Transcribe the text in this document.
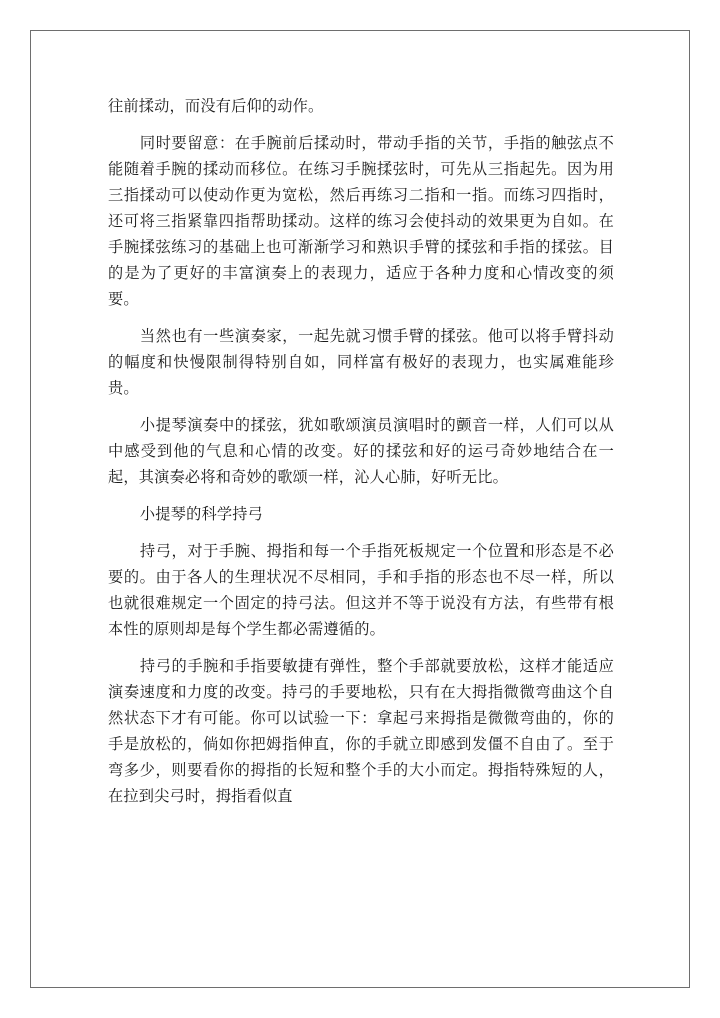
往前揉动，而没有后仰的动作。

同时要留意：在手腕前后揉动时，带动手指的关节，手指的触弦点不能随着手腕的揉动而移位。在练习手腕揉弦时，可先从三指起先。因为用三指揉动可以使动作更为宽松，然后再练习二指和一指。而练习四指时，还可将三指紧靠四指帮助揉动。这样的练习会使抖动的效果更为自如。在手腕揉弦练习的基础上也可渐渐学习和熟识手臂的揉弦和手指的揉弦。目的是为了更好的丰富演奏上的表现力，适应于各种力度和心情改变的须要。

当然也有一些演奏家，一起先就习惯手臂的揉弦。他可以将手臂抖动的幅度和快慢限制得特别自如，同样富有极好的表现力，也实属难能珍贵。

小提琴演奏中的揉弦，犹如歌颂演员演唱时的颤音一样，人们可以从中感受到他的气息和心情的改变。好的揉弦和好的运弓奇妙地结合在一起，其演奏必将和奇妙的歌颂一样，沁人心肺，好听无比。

小提琴的科学持弓

持弓，对于手腕、拇指和每一个手指死板规定一个位置和形态是不必要的。由于各人的生理状况不尽相同，手和手指的形态也不尽一样，所以也就很难规定一个固定的持弓法。但这并不等于说没有方法，有些带有根本性的原则却是每个学生都必需遵循的。

持弓的手腕和手指要敏捷有弹性，整个手部就要放松，这样才能适应演奏速度和力度的改变。持弓的手要地松，只有在大拇指微微弯曲这个自然状态下才有可能。你可以试验一下：拿起弓来拇指是微微弯曲的，你的手是放松的，倘如你把姆指伸直，你的手就立即感到发僵不自由了。至于弯多少，则要看你的拇指的长短和整个手的大小而定。拇指特殊短的人，在拉到尖弓时，拇指看似直
